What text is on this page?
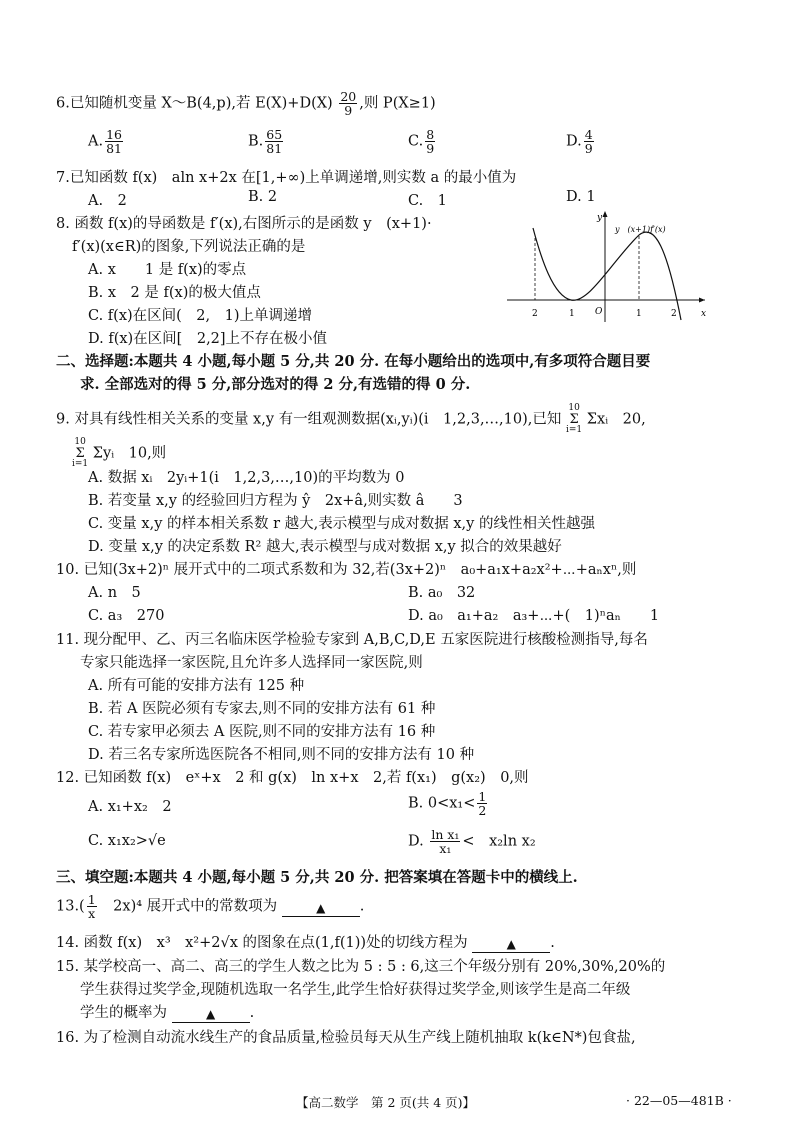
6.已知随机变量 X～B(4,p),若 $E(X)+D(X) \frac{20}{9}$ ,则 P(X≥1)
A. $\frac{16}{81}$	B. $\frac{65}{81}$	C. $\frac{8}{9}$	D. $\frac{4}{9}$
7.已知函数 f(x)　aln x+2x 在[1,+∞)上单调递增,则实数 a 的最小值为
A.　2	B. 2	C.　1	D. 1
8. 函数 f(x)的导函数是 f′(x),右图所示的是函数 y　(x+1)·
f′(x)(x∈R)的图象,下列说法正确的是
A. x　　1 是 f(x)的零点
B. x　2 是 f(x)的极大值点
C. f(x)在区间(　2,　1)上单调递增
D. f(x)在区间[　2,2]上不存在极小值
y
x
y　(x+1)f′(x)
O
2	1	1	2
二、选择题:本题共 4 小题,每小题 5 分,共 20 分. 在每小题给出的选项中,有多项符合题目要
求. 全部选对的得 5 分,部分选对的得 2 分,有选错的得 0 分.
9. 对具有线性相关关系的变量 x,y 有一组观测数据(xᵢ,yᵢ)(i　1,2,3,…,10),已知
10
Σ
i=1
Σxᵢ　20,
10
Σ
i=1
Σyᵢ　10,则
A. 数据 xᵢ　2yᵢ+1(i　1,2,3,…,10)的平均数为 0
B. 若变量 x,y 的经验回归方程为 ŷ　2x+â,则实数 â　　3
C. 变量 x,y 的样本相关系数 r 越大,表示模型与成对数据 x,y 的线性相关性越强
D. 变量 x,y 的决定系数 R² 越大,表示模型与成对数据 x,y 拟合的效果越好
10. 已知(3x+2)ⁿ 展开式中的二项式系数和为 32,若(3x+2)ⁿ　a₀+a₁x+a₂x²+⋯+aₙxⁿ,则
A. n　5	B. a₀　32
C. a₃　270	D. a₀　a₁+a₂　a₃+⋯+(　1)ⁿaₙ　　1
11. 现分配甲、乙、丙三名临床医学检验专家到 A,B,C,D,E 五家医院进行核酸检测指导,每名
专家只能选择一家医院,且允许多人选择同一家医院,则
A. 所有可能的安排方法有 125 种
B. 若 A 医院必须有专家去,则不同的安排方法有 61 种
C. 若专家甲必须去 A 医院,则不同的安排方法有 16 种
D. 若三名专家所选医院各不相同,则不同的安排方法有 10 种
12. 已知函数 f(x)　eˣ+x　2 和 g(x)　ln x+x　2,若 f(x₁)　g(x₂)　0,则
A. x₁+x₂　2	B. $0<x_1< \frac{1}{2}$
C. x₁x₂>√e	D. $\frac{\text{ln x₁}}{\text{x₁}}$ <　x₂ln x₂
三、填空题:本题共 4 小题,每小题 5 分,共 20 分. 把答案填在答题卡中的横线上.
$13.( \frac{1}{x}$ 　2x)⁴ 展开式中的常数项为	▲ .
14. 函数 f(x)　x³　x²+2√x 的图象在点(1,f(1))处的切线方程为	▲ .
15. 某学校高一、高二、高三的学生人数之比为 5 : 5 : 6,这三个年级分别有 20%,30%,20%的
学生获得过奖学金,现随机选取一名学生,此学生恰好获得过奖学金,则该学生是高二年级
学生的概率为	▲ .
16. 为了检测自动流水线生产的食品质量,检验员每天从生产线上随机抽取 k(k∈N*)包食盐,
【高二数学　第 2 页(共 4 页)】	· 22—05—481B ·
